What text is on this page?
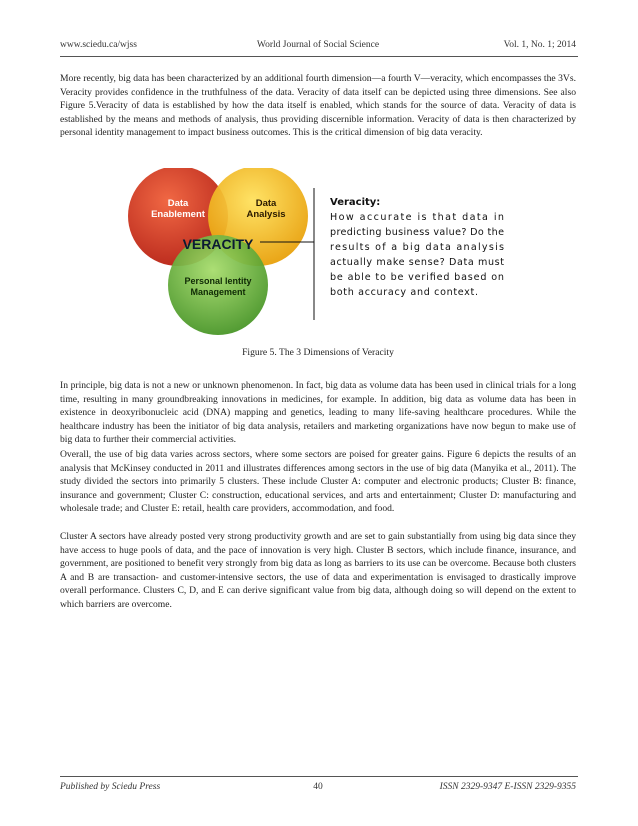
www.sciedu.ca/wjss	World Journal of Social Science	Vol. 1, No. 1; 2014

More recently, big data has been characterized by an additional fourth dimension—a fourth V—veracity, which encompasses the 3Vs. Veracity provides confidence in the truthfulness of the data. Veracity of data itself can be depicted using three dimensions. See also Figure 5.Veracity of data is established by how the data itself is enabled, which stands for the source of data. Veracity of data is established by the means and methods of analysis, thus providing discernible information. Veracity of data is then characterized by personal identity management to impact business outcomes. This is the critical dimension of big data veracity.

Data Enablement
Data Analysis
Personal lentity Management
VERACITY
Veracity:
How accurate is that data in
predicting business value? Do the
results of a big data analysis
actually make sense? Data must
be able to be verified based on
both accuracy and context.
Figure 5. The 3 Dimensions of Veracity

In principle, big data is not a new or unknown phenomenon. In fact, big data as volume data has been used in clinical trials for a long time, resulting in many groundbreaking innovations in medicines, for example. In addition, big data as volume data has been in existence in deoxyribonucleic acid (DNA) mapping and genetics, leading to many life-saving healthcare procedures. While the healthcare industry has been the initiator of big data analysis, retailers and marketing organizations have now begun to make use of big data to further their commercial activities.

Overall, the use of big data varies across sectors, where some sectors are poised for greater gains. Figure 6 depicts the results of an analysis that McKinsey conducted in 2011 and illustrates differences among sectors in the use of big data (Manyika et al., 2011). The study divided the sectors into primarily 5 clusters. These include Cluster A: computer and electronic products; Cluster B: finance, insurance and government; Cluster C: construction, educational services, and arts and entertainment; Cluster D: manufacturing and wholesale trade; and Cluster E: retail, health care providers, accommodation, and food.

Cluster A sectors have already posted very strong productivity growth and are set to gain substantially from using big data since they have access to huge pools of data, and the pace of innovation is very high. Cluster B sectors, which include finance, insurance, and government, are positioned to benefit very strongly from big data as long as barriers to its use can be overcome. Because both clusters A and B are transaction- and customer-intensive sectors, the use of data and experimentation is envisaged to drastically improve overall performance. Clusters C, D, and E can derive significant value from big data, although doing so will depend on the extent to which barriers are overcome.

Published by Sciedu Press	40	ISSN 2329-9347 E-ISSN 2329-9355
